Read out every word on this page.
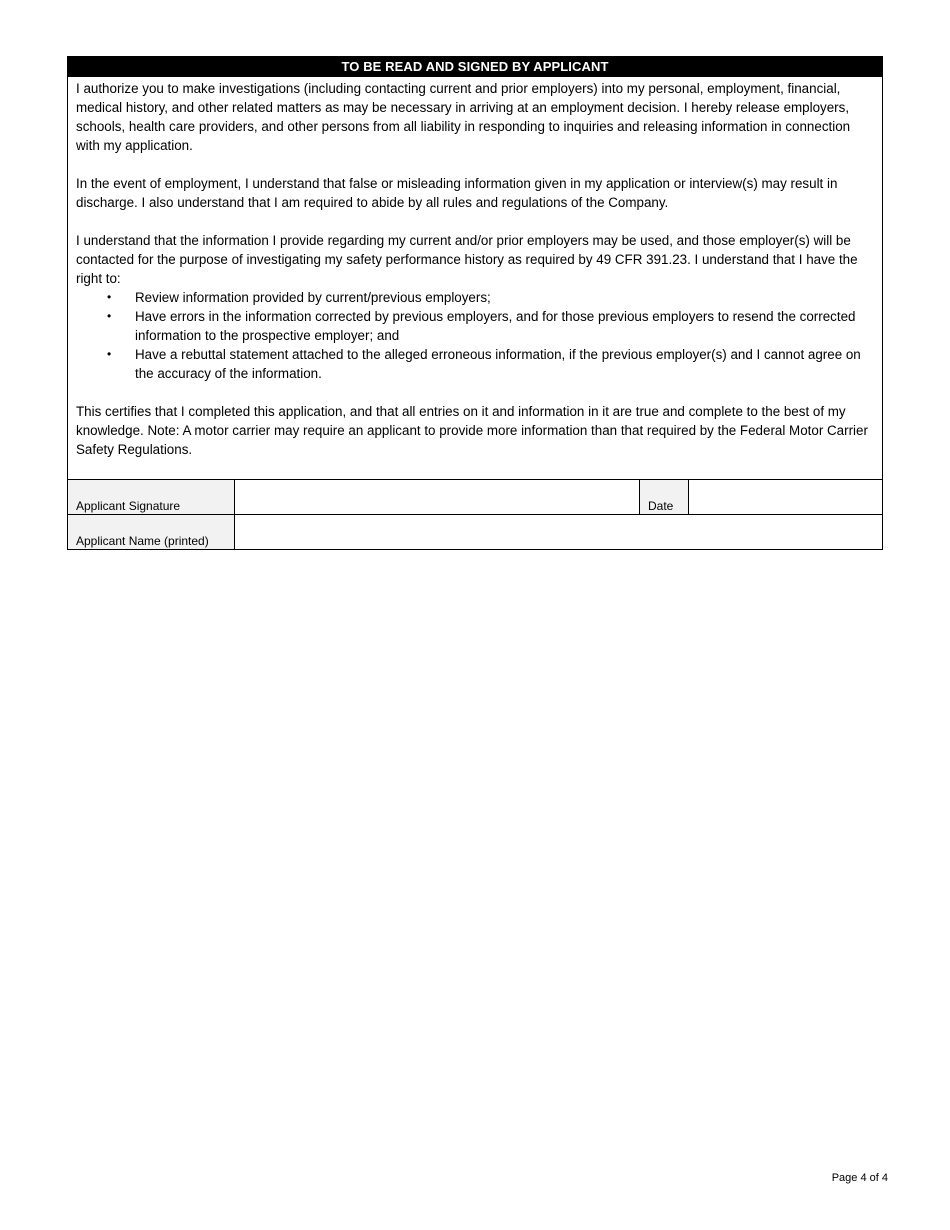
TO BE READ AND SIGNED BY APPLICANT

I authorize you to make investigations (including contacting current and prior employers) into my personal, employment, financial, medical history, and other related matters as may be necessary in arriving at an employment decision. I hereby release employers, schools, health care providers, and other persons from all liability in responding to inquiries and releasing information in connection with my application.

In the event of employment, I understand that false or misleading information given in my application or interview(s) may result in discharge. I also understand that I am required to abide by all rules and regulations of the Company.

I understand that the information I provide regarding my current and/or prior employers may be used, and those employer(s) will be contacted for the purpose of investigating my safety performance history as required by 49 CFR 391.23. I understand that I have the right to:

• Review information provided by current/previous employers;
• Have errors in the information corrected by previous employers, and for those previous employers to resend the corrected information to the prospective employer; and
• Have a rebuttal statement attached to the alleged erroneous information, if the previous employer(s) and I cannot agree on the accuracy of the information.

This certifies that I completed this application, and that all entries on it and information in it are true and complete to the best of my knowledge. Note: A motor carrier may require an applicant to provide more information than that required by the Federal Motor Carrier Safety Regulations.

Applicant Signature		Date	
Applicant Name (printed)			
Page 4 of 4
